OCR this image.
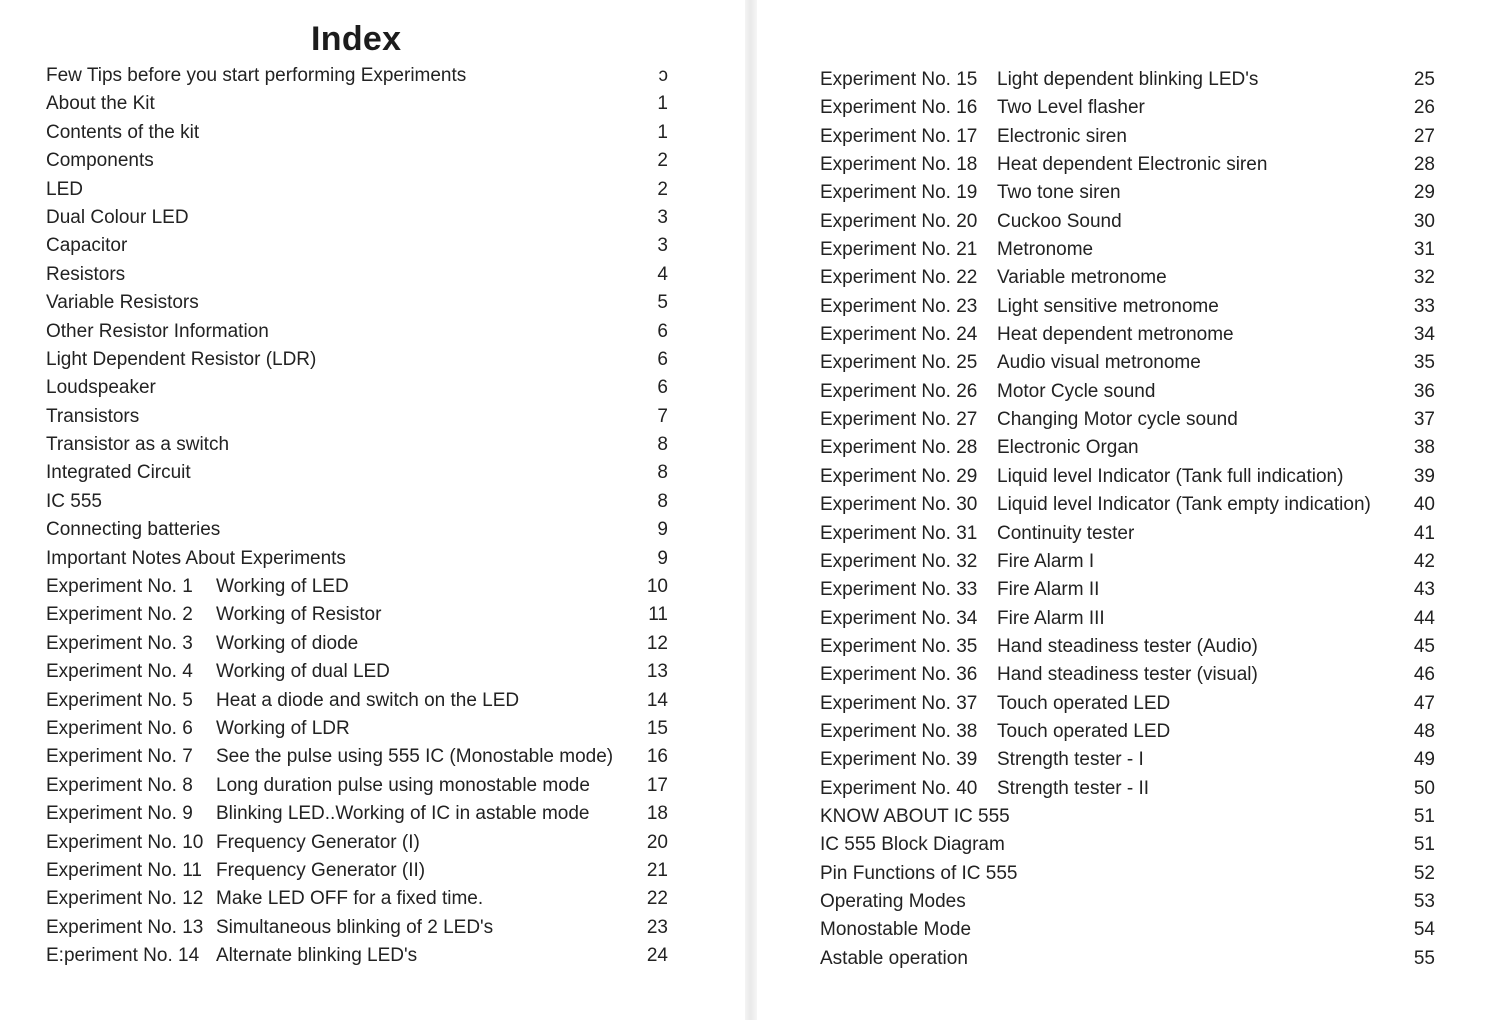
Index
Few Tips before you start performing Experiments	ɔ
About the Kit	1
Contents of the kit	1
Components	2
LED	2
Dual Colour LED	3
Capacitor	3
Resistors	4
Variable Resistors	5
Other Resistor Information	6
Light Dependent Resistor (LDR)	6
Loudspeaker	6
Transistors	7
Transistor as a switch	8
Integrated Circuit	8
IC 555	8
Connecting batteries	9
Important Notes About Experiments	9
Experiment No. 1 Working of LED	10
Experiment No. 2 Working of Resistor	11
Experiment No. 3 Working of diode	12
Experiment No. 4 Working of dual LED	13
Experiment No. 5 Heat a diode and switch on the LED	14
Experiment No. 6 Working of LDR	15
Experiment No. 7 See the pulse using 555 IC (Monostable mode)	16
Experiment No. 8 Long duration pulse using monostable mode	17
Experiment No. 9 Blinking LED..Working of IC in astable mode	18
Experiment No. 10 Frequency Generator (I)	20
Experiment No. 11 Frequency Generator (II)	21
Experiment No. 12 Make LED OFF for a fixed time.	22
Experiment No. 13 Simultaneous blinking of 2 LED's	23
E:periment No. 14 Alternate blinking LED's	24
Experiment No. 15 Light dependent blinking LED's	25
Experiment No. 16 Two Level flasher	26
Experiment No. 17 Electronic siren	27
Experiment No. 18 Heat dependent Electronic siren	28
Experiment No. 19 Two tone siren	29
Experiment No. 20 Cuckoo Sound	30
Experiment No. 21 Metronome	31
Experiment No. 22 Variable metronome	32
Experiment No. 23 Light sensitive metronome	33
Experiment No. 24 Heat dependent metronome	34
Experiment No. 25 Audio visual metronome	35
Experiment No. 26 Motor Cycle sound	36
Experiment No. 27 Changing Motor cycle sound	37
Experiment No. 28 Electronic Organ	38
Experiment No. 29 Liquid level Indicator (Tank full indication)	39
Experiment No. 30 Liquid level Indicator (Tank empty indication)	40
Experiment No. 31 Continuity tester	41
Experiment No. 32 Fire Alarm I	42
Experiment No. 33 Fire Alarm II	43
Experiment No. 34 Fire Alarm III	44
Experiment No. 35 Hand steadiness tester (Audio)	45
Experiment No. 36 Hand steadiness tester (visual)	46
Experiment No. 37 Touch operated LED	47
Experiment No. 38 Touch operated LED	48
Experiment No. 39 Strength tester - I	49
Experiment No. 40 Strength tester - II	50
KNOW ABOUT IC 555	51
IC 555 Block Diagram	51
Pin Functions of IC 555	52
Operating Modes	53
Monostable Mode	54
Astable operation	55
